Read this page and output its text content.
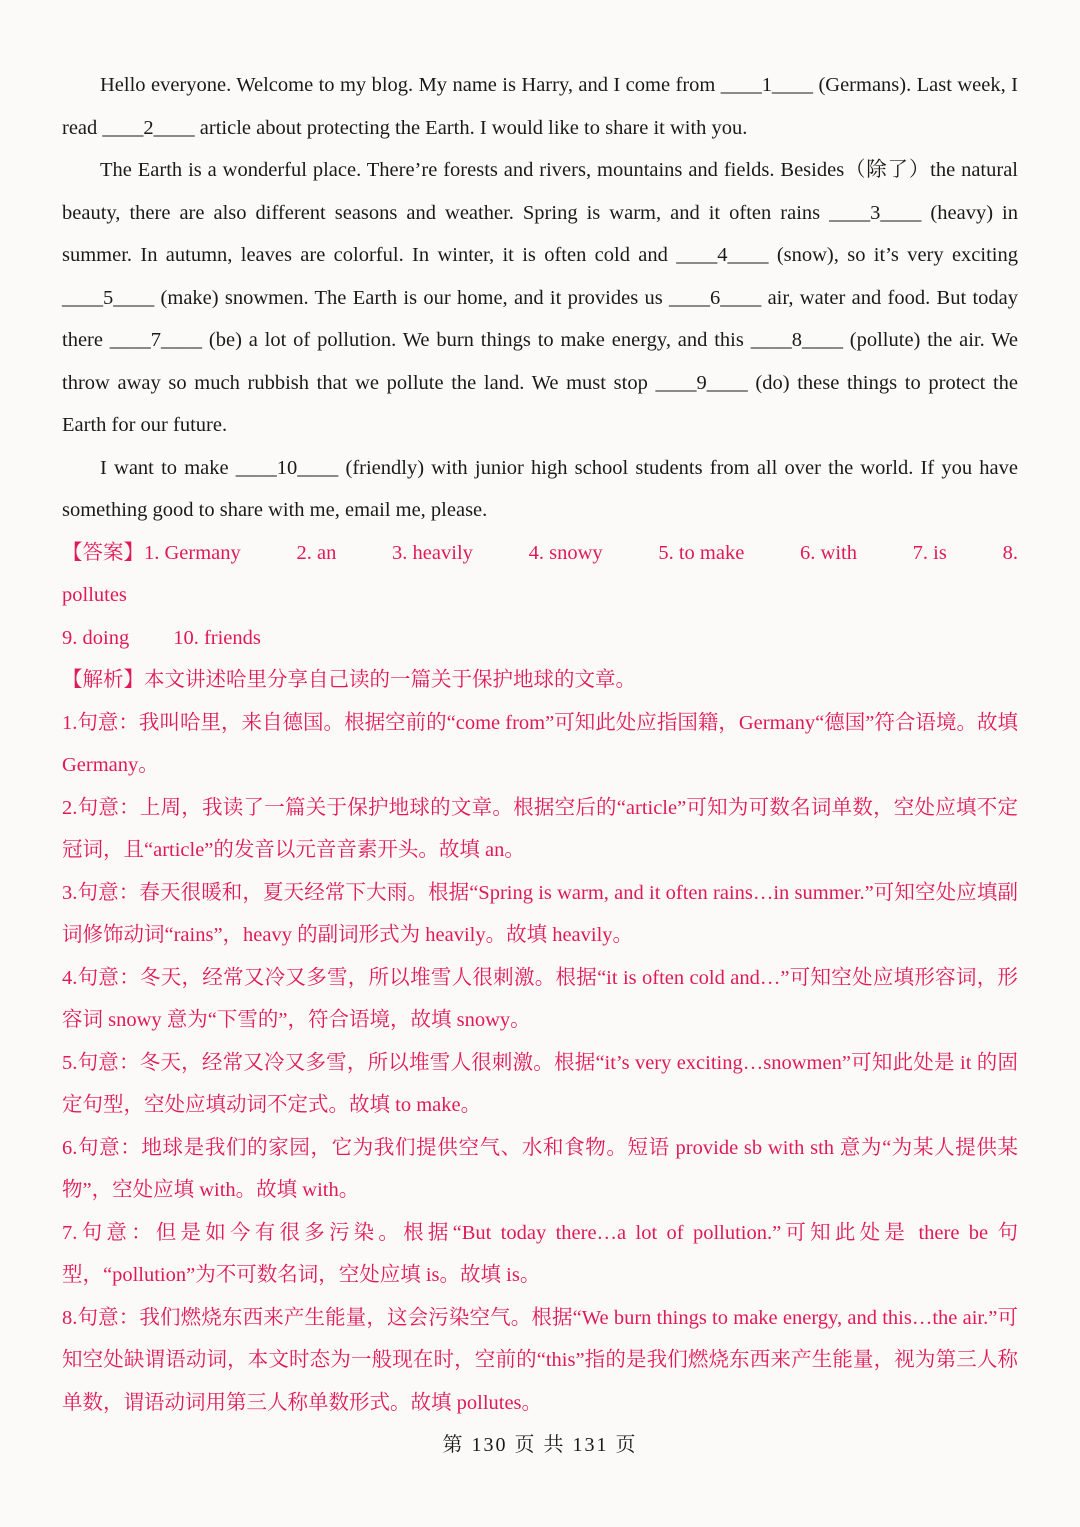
Hello everyone. Welcome to my blog. My name is Harry, and I come from ____1____ (Germans). Last week, I read ____2____ article about protecting the Earth. I would like to share it with you.

The Earth is a wonderful place. There’re forests and rivers, mountains and fields. Besides（除了）the natural beauty, there are also different seasons and weather. Spring is warm, and it often rains ____3____ (heavy) in summer. In autumn, leaves are colorful. In winter, it is often cold and ____4____ (snow), so it’s very exciting ____5____ (make) snowmen. The Earth is our home, and it provides us ____6____ air, water and food. But today there ____7____ (be) a lot of pollution. We burn things to make energy, and this ____8____ (pollute) the air. We throw away so much rubbish that we pollute the land. We must stop ____9____ (do) these things to protect the Earth for our future.

I want to make ____10____ (friendly) with junior high school students from all over the world. If you have something good to share with me, email me, please.

【答案】1. Germany	2. an	3. heavily	4. snowy	5. to make	6. with	7. is	8.
pollutes
9. doing 10. friends
【解析】本文讲述哈里分享自己读的一篇关于保护地球的文章。

1.句意：我叫哈里，来自德国。根据空前的“come from”可知此处应指国籍，Germany“德国”符合语境。故填 Germany。

2.句意：上周，我读了一篇关于保护地球的文章。根据空后的“article”可知为可数名词单数，空处应填不定冠词，且“article”的发音以元音音素开头。故填 an。

3.句意：春天很暖和，夏天经常下大雨。根据“Spring is warm, and it often rains…in summer.”可知空处应填副词修饰动词“rains”，heavy 的副词形式为 heavily。故填 heavily。

4.句意：冬天，经常又冷又多雪，所以堆雪人很刺激。根据“it is often cold and…”可知空处应填形容词，形容词 snowy 意为“下雪的”，符合语境，故填 snowy。

5.句意：冬天，经常又冷又多雪，所以堆雪人很刺激。根据“it’s very exciting…snowmen”可知此处是 it 的固定句型，空处应填动词不定式。故填 to make。

6.句意：地球是我们的家园，它为我们提供空气、水和食物。短语 provide sb with sth 意为“为某人提供某物”，空处应填 with。故填 with。

7.句意：但是如今有很多污染。根据“But today there…a lot of pollution.”可知此处是 there be 句型，“pollution”为不可数名词，空处应填 is。故填 is。

8.句意：我们燃烧东西来产生能量，这会污染空气。根据“We burn things to make energy, and this…the air.”可知空处缺谓语动词，本文时态为一般现在时，空前的“this”指的是我们燃烧东西来产生能量，视为第三人称单数，谓语动词用第三人称单数形式。故填 pollutes。

第 130 页 共 131 页
